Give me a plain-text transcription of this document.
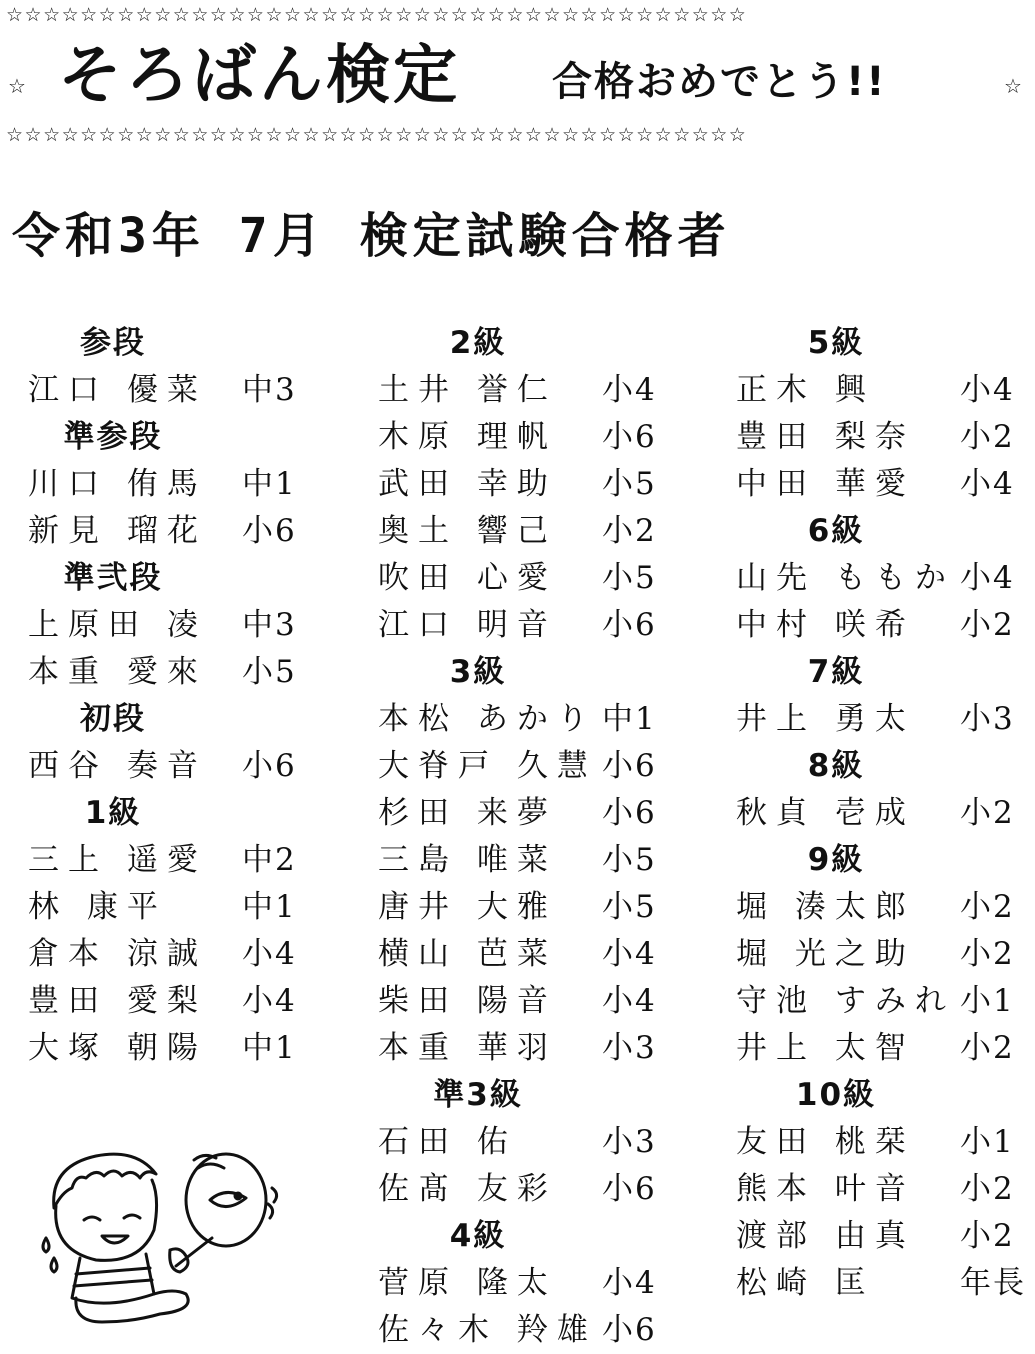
☆☆☆☆☆☆☆☆☆☆☆☆☆☆☆☆☆☆☆☆☆☆☆☆☆☆☆☆☆☆☆☆☆☆☆☆☆☆☆☆
☆ そろばん検定 合格おめでとう!!	☆
☆☆☆☆☆☆☆☆☆☆☆☆☆☆☆☆☆☆☆☆☆☆☆☆☆☆☆☆☆☆☆☆☆☆☆☆☆☆☆☆
令和3年 7月 検定試験合格者
参段
江口 優菜 中3
準参段
川口 侑馬 中1
新見 瑠花 小6
準弐段
上原田 凌 中3
本重 愛來 小5
初段
西谷 奏音 小6
1級
三上 遥愛 中2
林 康平 中1
倉本 涼誠 小4
豊田 愛梨 小4
大塚 朝陽 中1
2級
土井 誉仁 小4
木原 理帆 小6
武田 幸助 小5
奥土 響己 小2
吹田 心愛 小5
江口 明音 小6
3級
本松 あかり 中1
大脊戸 久慧 小6
杉田 来夢 小6
三島 唯菜 小5
唐井 大雅 小5
横山 芭菜 小4
柴田 陽音 小4
本重 華羽 小3
準3級
石田 佑	小3
佐髙 友彩 小6
4級
菅原 隆太 小4
佐々木 羚雄 小6
5級
正木 興	小4
豊田 梨奈 小2
中田 華愛 小4
6級
山先 ももか 小4
中村 咲希 小2
7級
井上 勇太 小3
8級
秋貞 壱成 小2
9級
堀 湊太郎 小2
堀 光之助 小2
守池 すみれ 小1
井上 太智 小2
10級
友田 桃栞 小1
熊本 叶音 小2
渡部 由真 小2
松崎 匡	年長
